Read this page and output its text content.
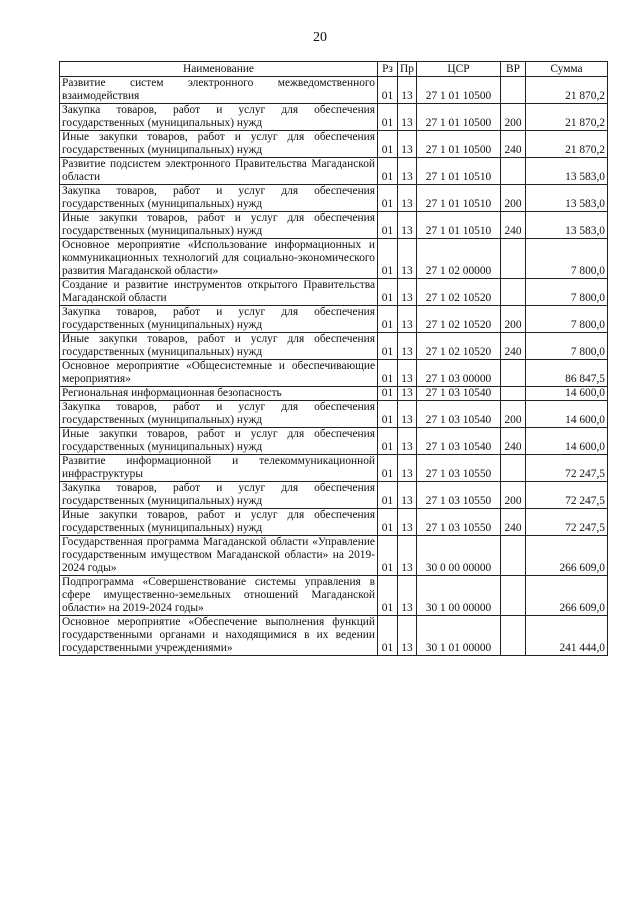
20
Наименование	Рз	Пр	ЦСР	ВР	Сумма
Развитие систем электронного межведомственного взаимодействия	01	13	27 1 01 10500		21 870,2
Закупка товаров, работ и услуг для обеспечения государственных (муниципальных) нужд	01	13	27 1 01 10500	200	21 870,2
Иные закупки товаров, работ и услуг для обеспечения государственных (муниципальных) нужд	01	13	27 1 01 10500	240	21 870,2
Развитие подсистем электронного Правительства Магаданской области	01	13	27 1 01 10510		13 583,0
Закупка товаров, работ и услуг для обеспечения государственных (муниципальных) нужд	01	13	27 1 01 10510	200	13 583,0
Иные закупки товаров, работ и услуг для обеспечения государственных (муниципальных) нужд	01	13	27 1 01 10510	240	13 583,0
Основное мероприятие «Использование информационных и коммуникационных технологий для социально-экономического развития Магаданской области»	01	13	27 1 02 00000		7 800,0
Создание и развитие инструментов открытого Правительства Магаданской области	01	13	27 1 02 10520		7 800,0
Закупка товаров, работ и услуг для обеспечения государственных (муниципальных) нужд	01	13	27 1 02 10520	200	7 800,0
Иные закупки товаров, работ и услуг для обеспечения государственных (муниципальных) нужд	01	13	27 1 02 10520	240	7 800,0
Основное мероприятие «Общесистемные и обеспечивающие мероприятия»	01	13	27 1 03 00000		86 847,5
Региональная информационная безопасность	01	13	27 1 03 10540		14 600,0
Закупка товаров, работ и услуг для обеспечения государственных (муниципальных) нужд	01	13	27 1 03 10540	200	14 600,0
Иные закупки товаров, работ и услуг для обеспечения государственных (муниципальных) нужд	01	13	27 1 03 10540	240	14 600,0
Развитие информационной и телекоммуникационной инфраструктуры	01	13	27 1 03 10550		72 247,5
Закупка товаров, работ и услуг для обеспечения государственных (муниципальных) нужд	01	13	27 1 03 10550	200	72 247,5
Иные закупки товаров, работ и услуг для обеспечения государственных (муниципальных) нужд	01	13	27 1 03 10550	240	72 247,5
Государственная программа Магаданской области «Управление государственным имуществом Магаданской области» на 2019-2024 годы»	01	13	30 0 00 00000		266 609,0
Подпрограмма «Совершенствование системы управления в сфере имущественно-земельных отношений Магаданской области» на 2019-2024 годы»	01	13	30 1 00 00000		266 609,0
Основное мероприятие «Обеспечение выполнения функций государственными органами и находящимися в их ведении государственными учреждениями»	01	13	30 1 01 00000		241 444,0
